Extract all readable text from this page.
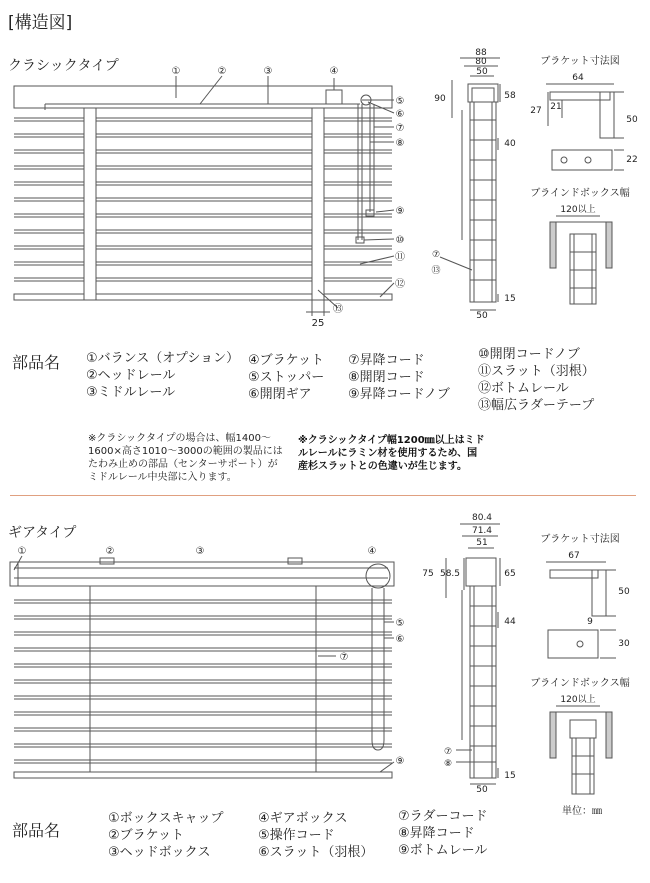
[構造図]
クラシックタイプ	①	②	③	④
⑤
⑥
⑦
⑧
⑨
⑩
⑪
⑫
⑬
25
88
80
50
90	58
40
15
50
⑦
⑬
ブラケット寸法図
64
27 21
50
22
ブラインドボックス幅
120以上
部品名 ①バランス（オプション）
②ヘッドレール
③ミドルレール
④ブラケット
⑤ストッパー
⑥開閉ギア
⑦昇降コード
⑧開閉コード
⑨昇降コードノブ
⑩開閉コードノブ
⑪スラット（羽根）
⑫ボトムレール
⑬幅広ラダーテープ
※クラシックタイプの場合は、幅1400～
1600×高さ1010～3000の範囲の製品には
たわみ止めの部品（センターサポート）が
ミドルレール中央部に入ります。
※クラシックタイプ幅1200㎜以上はミド
ルレールにラミン材を使用するため、国
産杉スラットとの色違いが生じます。
ギアタイプ
①	②	③	④
⑤
⑥
⑦
⑨
80.4
71.4
51
75 58.5	65
44
15
50
⑦
⑧
ブラケット寸法図
67
50
9
30
ブラインドボックス幅
120以上
単位：㎜
部品名
①ボックスキャップ
②ブラケット
③ヘッドボックス
④ギアボックス
⑤操作コード
⑥スラット（羽根）
⑦ラダーコード
⑧昇降コード
⑨ボトムレール
